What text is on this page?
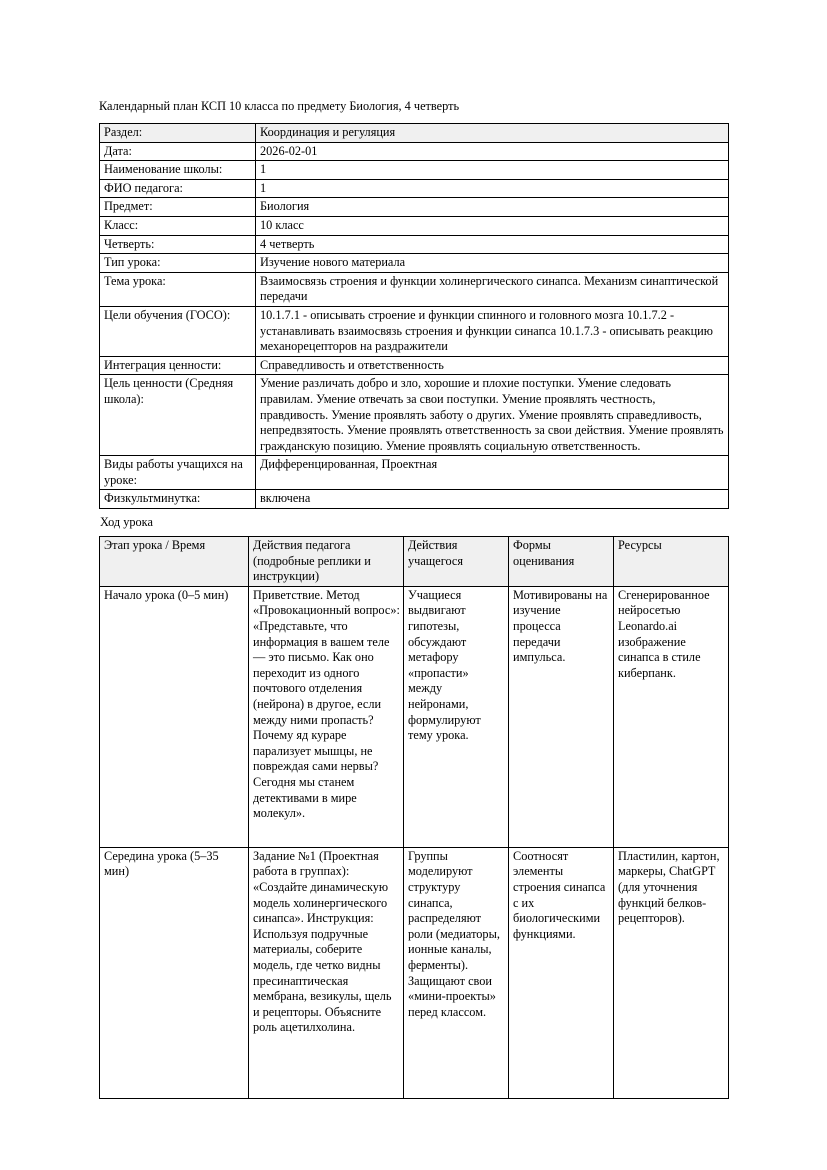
Календарный план КСП 10 класса по предмету Биология, 4 четверть
Раздел:	Координация и регуляция
Дата:	2026-02-01
Наименование школы:	1
ФИО педагога:	1
Предмет:	Биология
Класс:	10 класс
Четверть:	4 четверть
Тип урока:	Изучение нового материала
Тема урока:	Взаимосвязь строения и функции холинергического синапса. Механизм синаптической передачи
Цели обучения (ГОСО):	10.1.7.1 - описывать строение и функции спинного и головного мозга 10.1.7.2 - устанавливать взаимосвязь строения и функции синапса 10.1.7.3 - описывать реакцию механорецепторов на раздражители
Интеграция ценности:	Справедливость и ответственность
Цель ценности (Средняя школа):	Умение различать добро и зло, хорошие и плохие поступки. Умение следовать правилам. Умение отвечать за свои поступки. Умение проявлять честность, правдивость. Умение проявлять заботу о других. Умение проявлять справедливость, непредвзятость. Умение проявлять ответственность за свои действия. Умение проявлять гражданскую позицию. Умение проявлять социальную ответственность.
Виды работы учащихся на уроке:	Дифференцированная, Проектная
Физкультминутка:	включена
Ход урока
Этап урока / Время	Действия педагога (подробные реплики и инструкции)	Действия учащегося	Формы оценивания	Ресурсы
Начало урока (0–5 мин)	Приветствие. Метод «Провокационный вопрос»: «Представьте, что информация в вашем теле — это письмо. Как оно переходит из одного почтового отделения (нейрона) в другое, если между ними пропасть? Почему яд кураре парализует мышцы, не повреждая сами нервы? Сегодня мы станем детективами в мире молекул».	Учащиеся выдвигают гипотезы, обсуждают метафору «пропасти» между нейронами, формулируют тему урока.	Мотивированы на изучение процесса передачи импульса.	Сгенерированное нейросетью Leonardo.ai изображение синапса в стиле киберпанк.
Середина урока (5–35 мин)	Задание №1 (Проектная работа в группах): «Создайте динамическую модель холинергического синапса». Инструкция: Используя подручные материалы, соберите модель, где четко видны пресинаптическая мембрана, везикулы, щель и рецепторы. Объясните роль ацетилхолина.	Группы моделируют структуру синапса, распределяют роли (медиаторы, ионные каналы, ферменты). Защищают свои «мини-проекты» перед классом.	Соотносят элементы строения синапса с их биологическими функциями.	Пластилин, картон, маркеры, ChatGPT (для уточнения функций белков-рецепторов).
